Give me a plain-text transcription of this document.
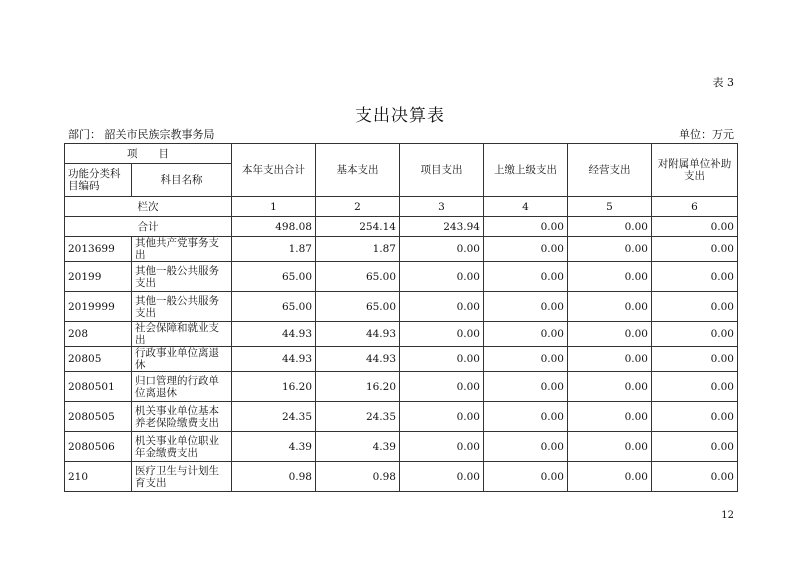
表 3
支出决算表
部门： 韶关市民族宗教事务局	单位：万元
项　　目		本年支出合计	基本支出	项目支出	上缴上级支出	经营支出	对附属单位补助支出
功能分类科目编码	科目名称						
栏次		1	2	3	4	5	6
合计		498.08	254.14	243.94	0.00	0.00	0.00
2013699	其他共产党事务支出	1.87	1.87	0.00	0.00	0.00	0.00
20199	其他一般公共服务支出	65.00	65.00	0.00	0.00	0.00	0.00
2019999	其他一般公共服务支出	65.00	65.00	0.00	0.00	0.00	0.00
208	社会保障和就业支出	44.93	44.93	0.00	0.00	0.00	0.00
20805	行政事业单位离退休	44.93	44.93	0.00	0.00	0.00	0.00
2080501	归口管理的行政单位离退休	16.20	16.20	0.00	0.00	0.00	0.00
2080505	机关事业单位基本养老保险缴费支出	24.35	24.35	0.00	0.00	0.00	0.00
2080506	机关事业单位职业年金缴费支出	4.39	4.39	0.00	0.00	0.00	0.00
210	医疗卫生与计划生育支出	0.98	0.98	0.00	0.00	0.00	0.00
12
